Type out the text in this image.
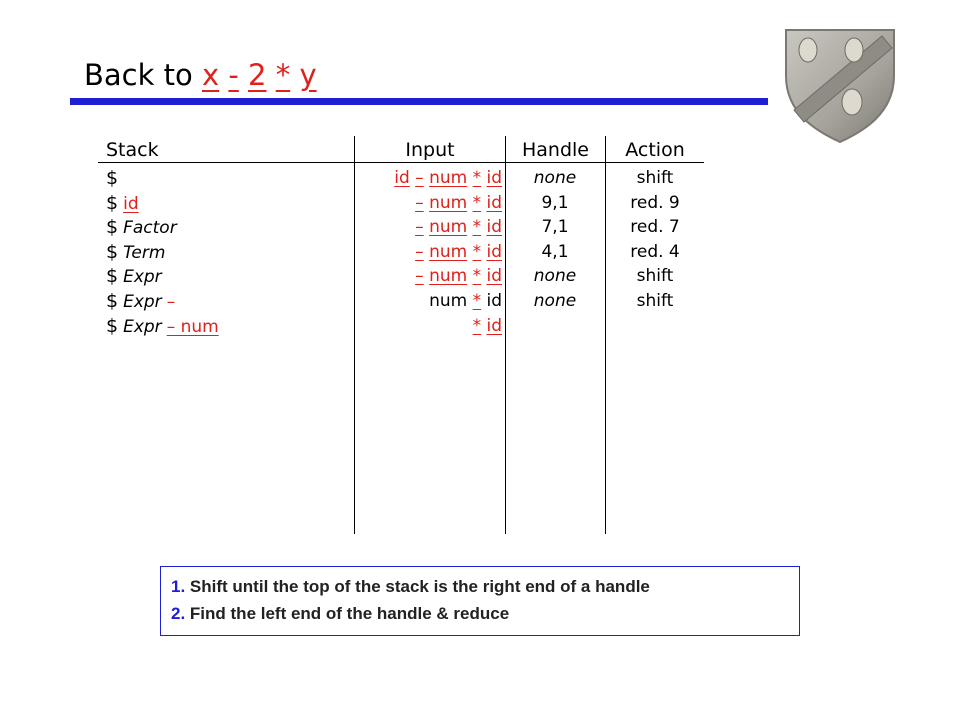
Back to x - 2 * y
Stack	Input	Handle	Action
$	id – num * id	none	shift
$ id	– num * id	9,1	red. 9
$ Factor	– num * id	7,1	red. 7
$ Term	– num * id	4,1	red. 4
$ Expr	– num * id	none	shift
$ Expr –	num * id	none	shift
$ Expr – num	* id
1. Shift until the top of the stack is the right end of a handle
2. Find the left end of the handle & reduce
